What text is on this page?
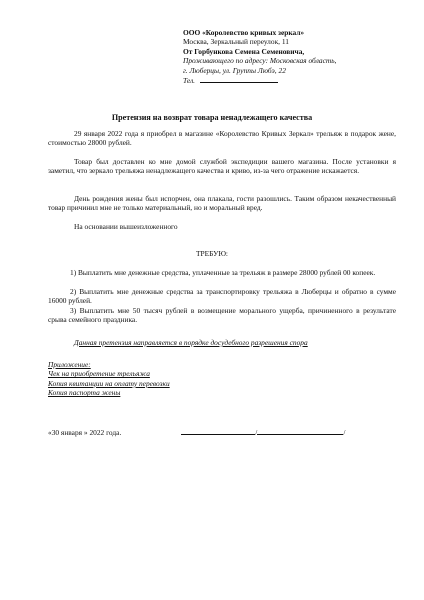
ООО «Королевство кривых зеркал»
Москва, Зеркальный переулок, 11
От Горбункова Семена Семеновича,
Проживающего по адресу: Московская область,
г. Люберцы, ул. Группы Любэ, 22
Тел.
Претензия на возврат товара ненадлежащего качества
29 января 2022 года я приобрел в магазине «Королевство Кривых Зеркал» трельяж в подарок жене, стоимостью 28000 рублей.
Товар был доставлен ко мне домой службой экспедиции вашего магазина. После установки я заметил, что зеркало трельяжа ненадлежащего качества и криво, из-за чего отражение искажается.
День рождения жены был испорчен, она плакала, гости разошлись. Таким образом некачественный товар причинил мне не только материальный, но и моральный вред.
На основании вышеизложенного
ТРЕБУЮ:
1) Выплатить мне денежные средства, уплаченные за трельяж в размере 28000 рублей 00 копеек.
2) Выплатить мне денежные средства за транспортировку трельяжа в Люберцы и обратно в сумме 16000 рублей.
3) Выплатить мне 50 тысяч рублей в возмещение морального ущерба, причиненного в результате срыва семейного праздника.
Данная претензия направляется в порядке досудебного разрешения спора
Приложение:
Чек на приобретение трельяжа
Копия квитанции на оплату перевозки
Копия паспорта жены
«30 января » 2022 года.	/	/
